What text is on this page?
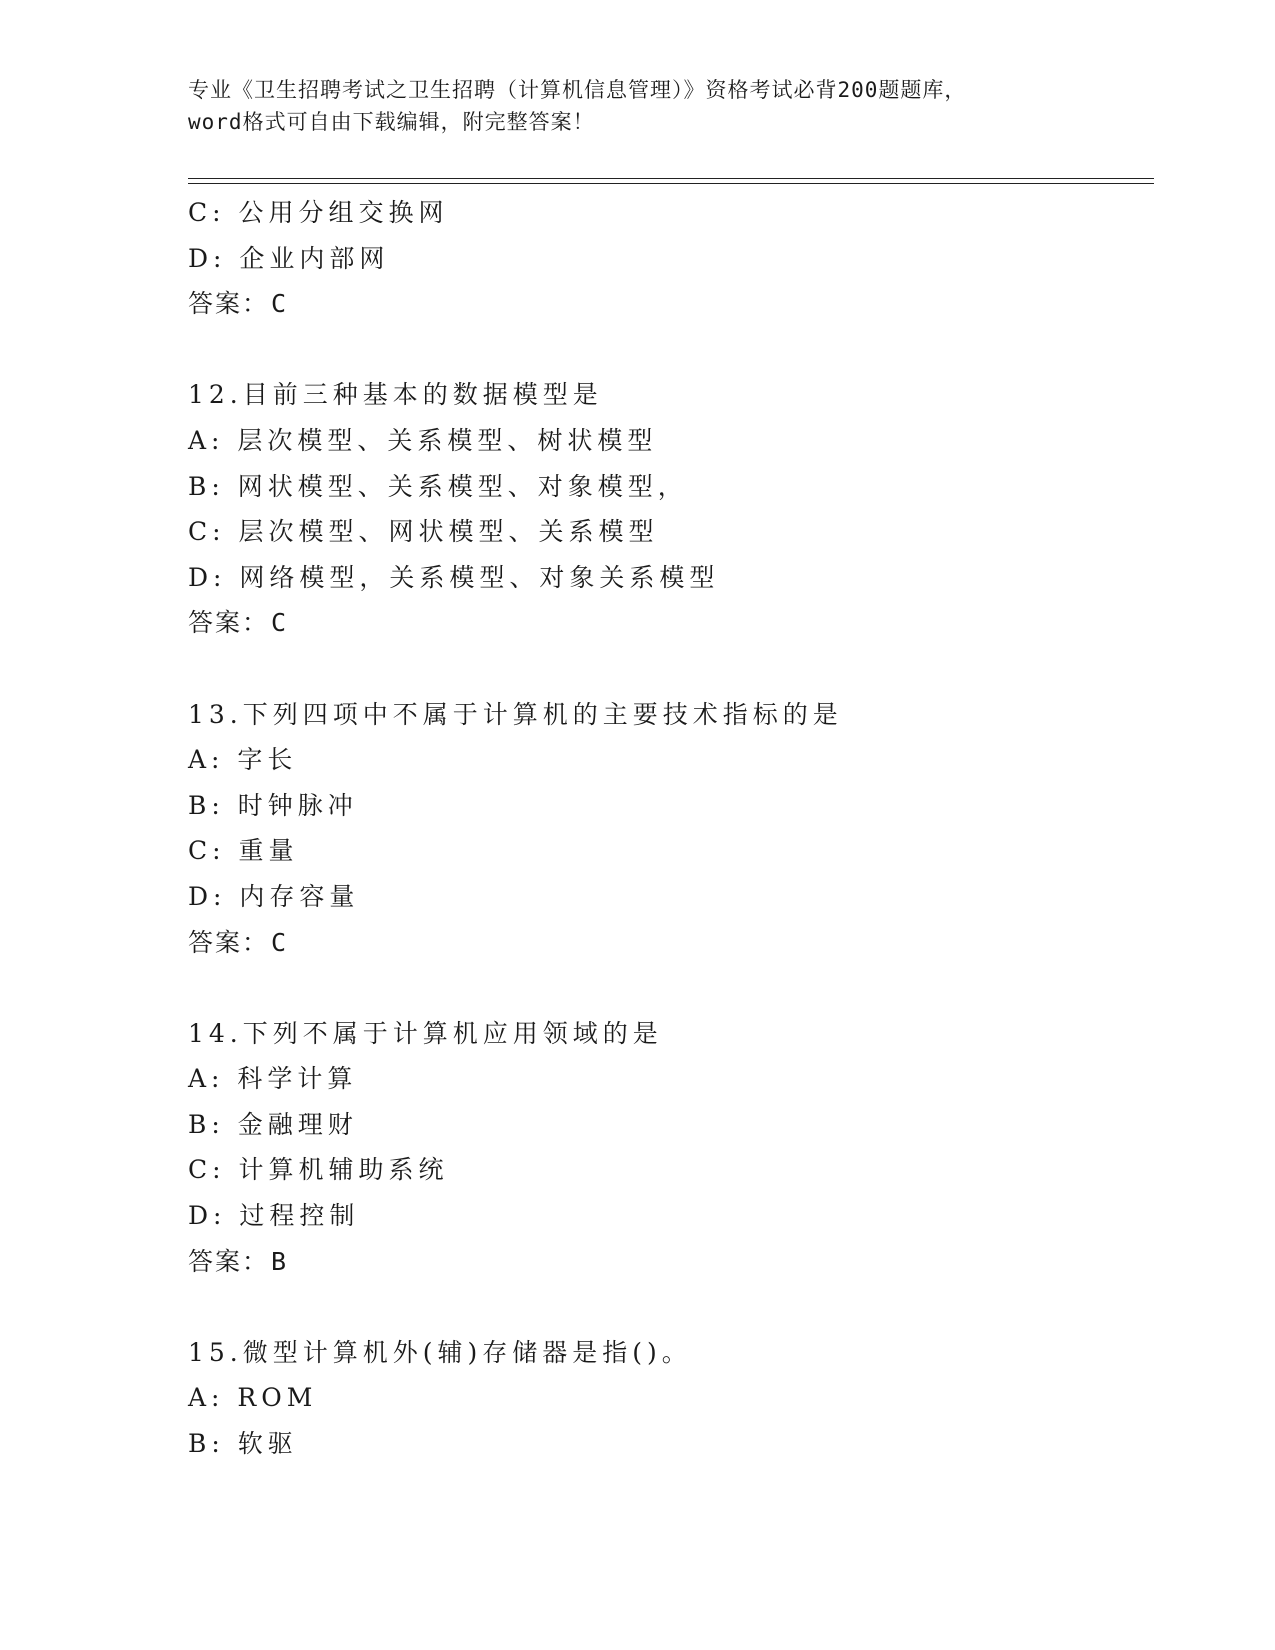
专业《卫生招聘考试之卫生招聘（计算机信息管理）》资格考试必背200题题库，
word格式可自由下载编辑，附完整答案！
C: 公用分组交换网
D: 企业内部网
答案：C
12.目前三种基本的数据模型是
A: 层次模型、关系模型、树状模型
B: 网状模型、关系模型、对象模型，
C: 层次模型、网状模型、关系模型
D: 网络模型，关系模型、对象关系模型
答案：C
13.下列四项中不属于计算机的主要技术指标的是
A: 字长
B: 时钟脉冲
C: 重量
D: 内存容量
答案：C
14.下列不属于计算机应用领域的是
A: 科学计算
B: 金融理财
C: 计算机辅助系统
D: 过程控制
答案：B
15.微型计算机外(辅)存储器是指()。
A: ROM
B: 软驱
